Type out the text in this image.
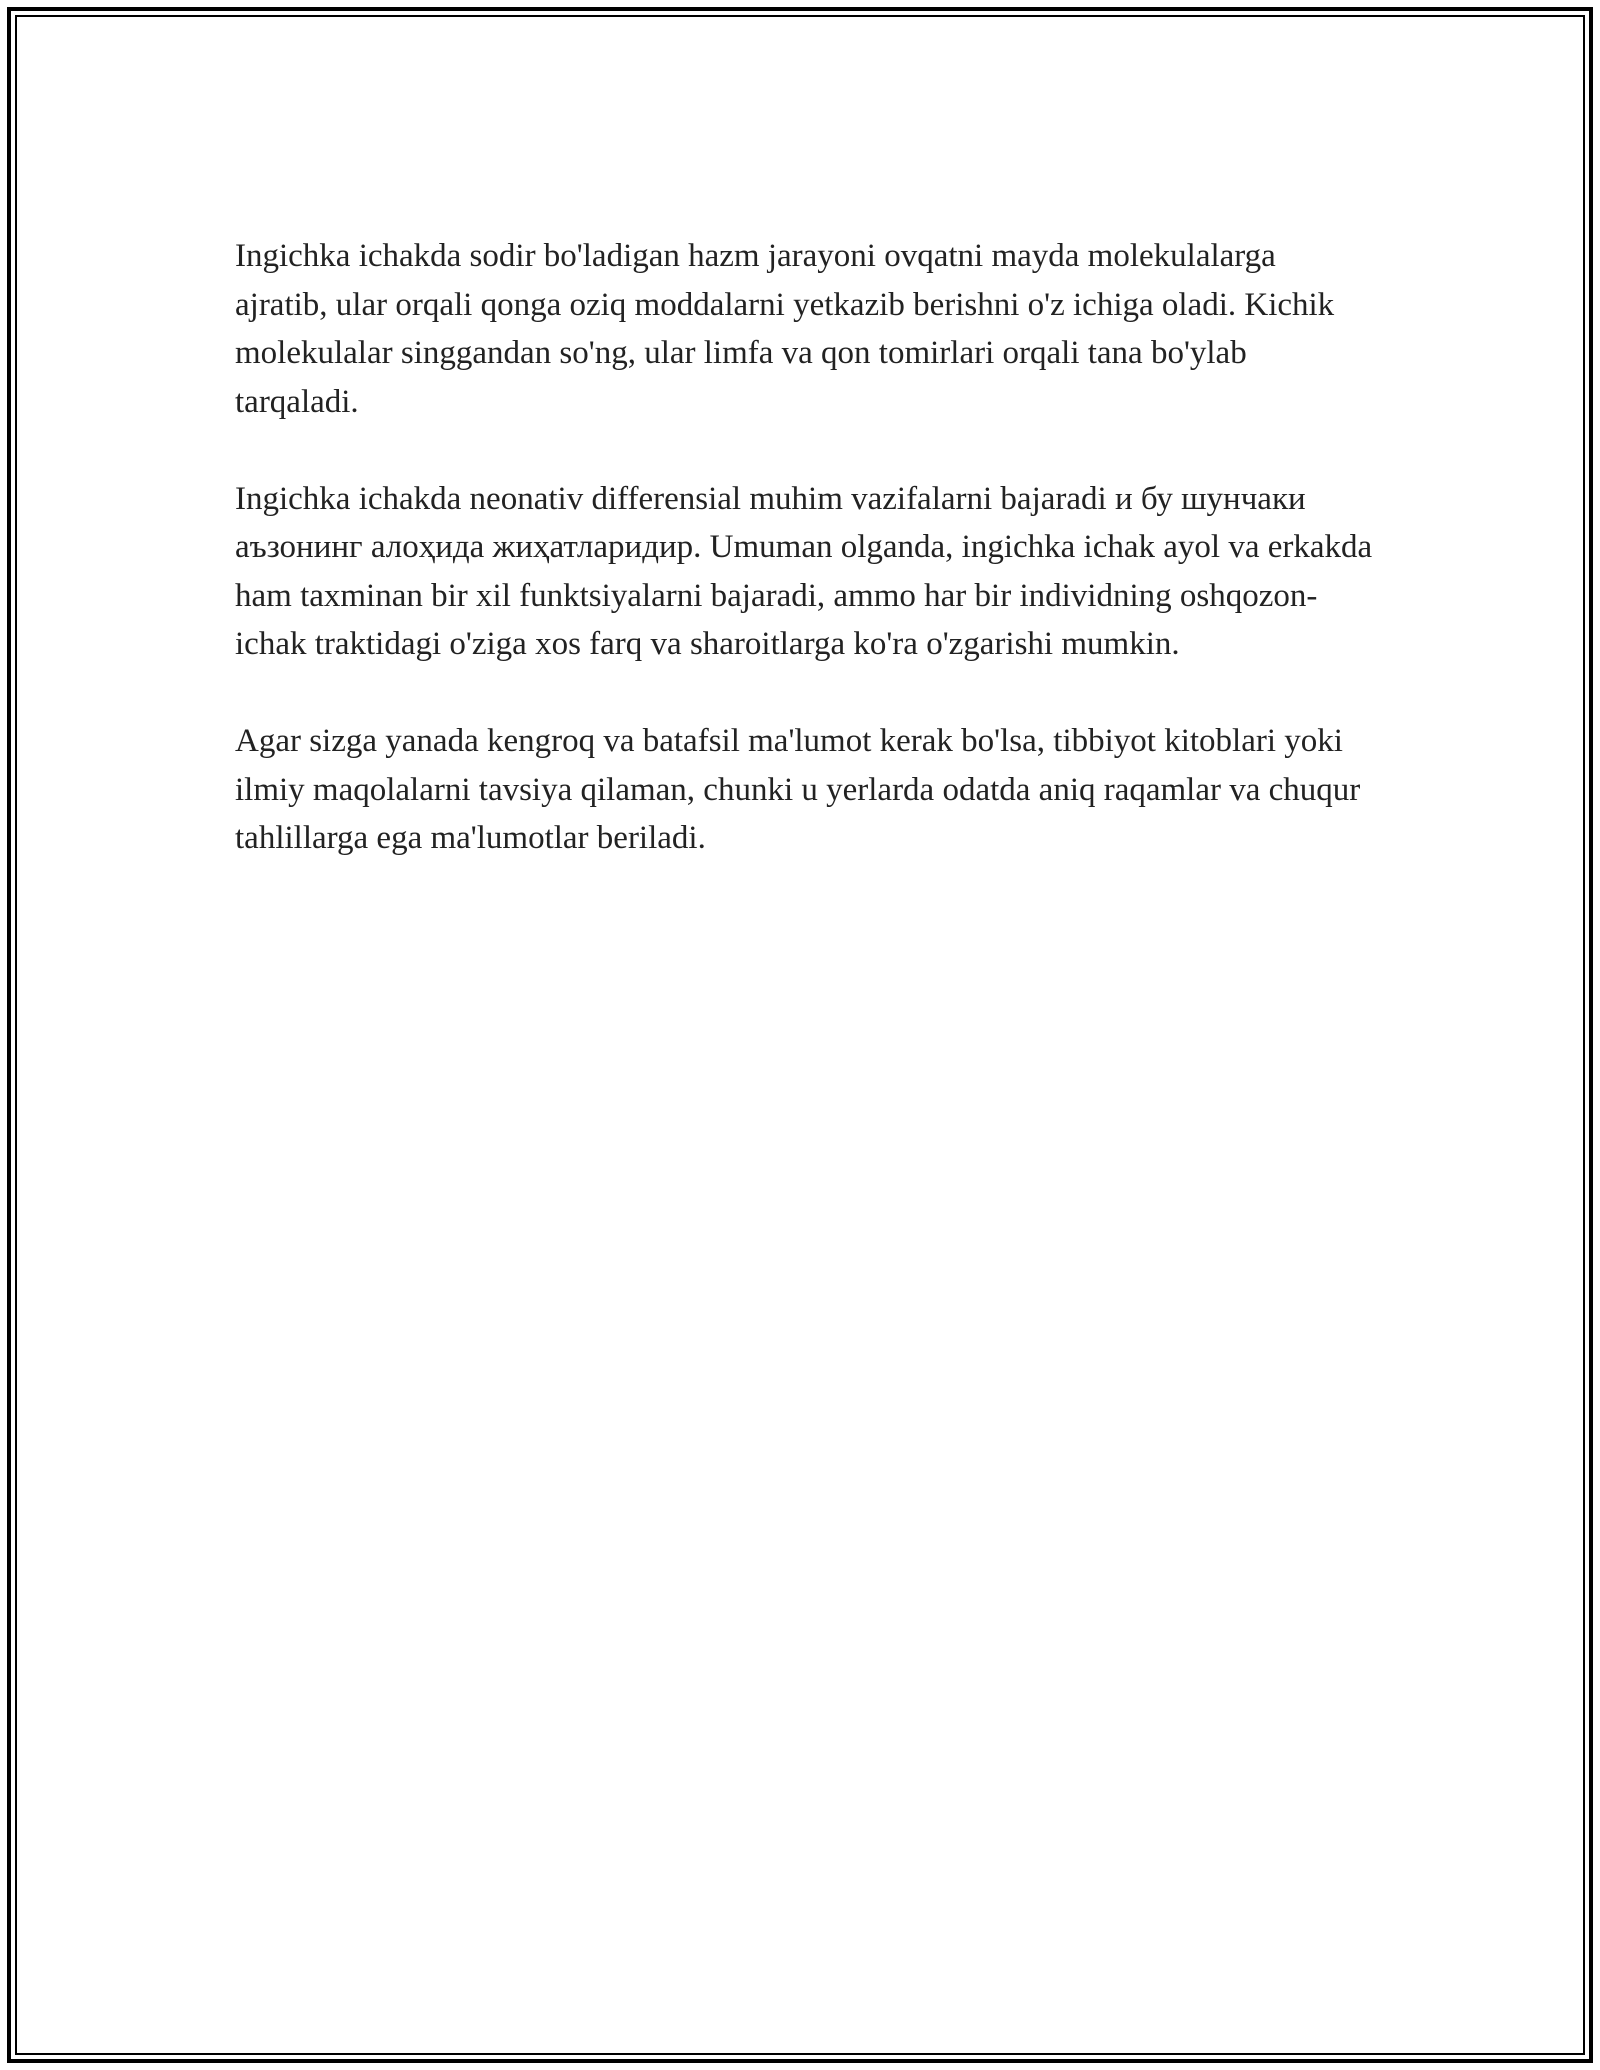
Ingichka ichakda sodir bo'ladigan hazm jarayoni ovqatni mayda molekulalarga ajratib, ular orqali qonga oziq moddalarni yetkazib berishni o'z ichiga oladi. Kichik molekulalar singgandan so'ng, ular limfa va qon tomirlari orqali tana bo'ylab tarqaladi.

Ingichka ichakda neonativ differensial muhim vazifalarni bajaradi и бу шунчаки аъзонинг алоҳида жиҳатларидир. Umuman olganda, ingichka ichak ayol va erkakda ham taxminan bir xil funktsiyalarni bajaradi, ammo har bir individning oshqozon-ichak traktidagi o'ziga xos farq va sharoitlarga ko'ra o'zgarishi mumkin.

Agar sizga yanada kengroq va batafsil ma'lumot kerak bo'lsa, tibbiyot kitoblari yoki ilmiy maqolalarni tavsiya qilaman, chunki u yerlarda odatda aniq raqamlar va chuqur tahlillarga ega ma'lumotlar beriladi.
